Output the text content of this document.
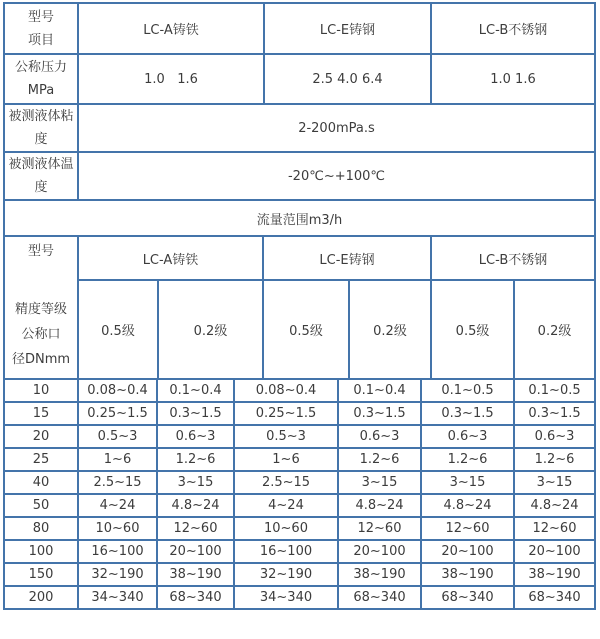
型号
项目	LC-A铸铁	LC-E铸钢	LC-B不锈钢

公称压力
MPa	1.0   1.6	2.5 4.0 6.4	1.0 1.6

被测液体粘
度	2-200mPa.s		

被测液体温
度	-20℃~+100℃		
流量范围m3/h			
型号
精度等级
公称口
径DNmm	LC-A铸铁		LC-E铸钢		LC-B不锈钢	
	0.5级	0.2级	0.5级	0.2级	0.5级	0.2级
10	0.08~0.4	0.1~0.4	0.08~0.4	0.1~0.4	0.1~0.5	0.1~0.5
15	0.25~1.5	0.3~1.5	0.25~1.5	0.3~1.5	0.3~1.5	0.3~1.5
20	0.5~3	0.6~3	0.5~3	0.6~3	0.6~3	0.6~3
25	1~6	1.2~6	1~6	1.2~6	1.2~6	1.2~6
40	2.5~15	3~15	2.5~15	3~15	3~15	3~15
50	4~24	4.8~24	4~24	4.8~24	4.8~24	4.8~24
80	10~60	12~60	10~60	12~60	12~60	12~60
100	16~100	20~100	16~100	20~100	20~100	20~100
150	32~190	38~190	32~190	38~190	38~190	38~190
200	34~340	68~340	34~340	68~340	68~340	68~340
